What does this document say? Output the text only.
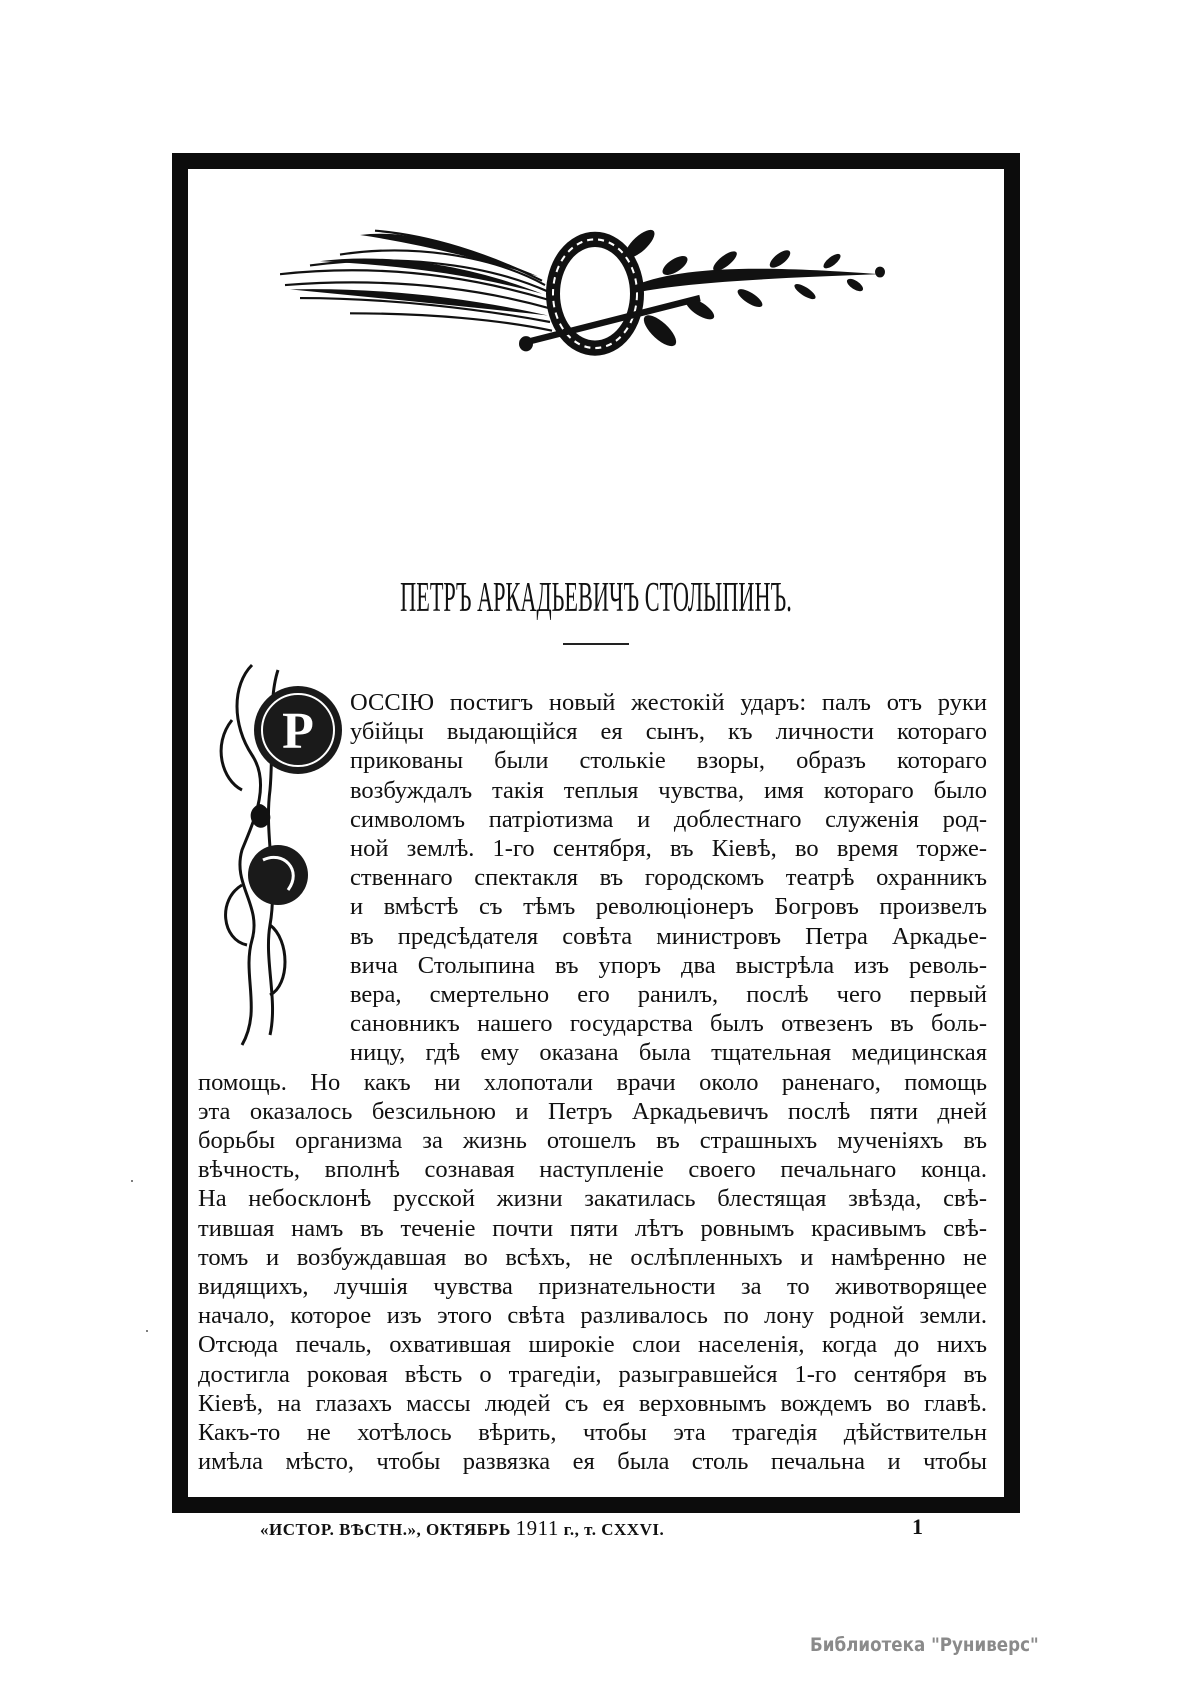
ПЕТРЪ АРКАДЬЕВИЧЪ СТОЛЫПИНЪ.
Р
ОССІЮ постигъ новый жестокій ударъ: палъ отъ руки
убійцы выдающійся ея сынъ, къ личности котораго
прикованы были столькіе взоры, образъ котораго
возбуждалъ такія теплыя чувства, имя котораго было
символомъ патріотизма и доблестнаго служенія род-
ной землѣ. 1-го сентября, въ Кіевѣ, во время торже-
ственнаго спектакля въ городскомъ театрѣ охранникъ
и вмѣстѣ съ тѣмъ революціонеръ Богровъ произвелъ
въ предсѣдателя совѣта министровъ Петра Аркадье-
вича Столыпина въ упоръ два выстрѣла изъ револь-
вера, смертельно его ранилъ, послѣ чего первый
сановникъ нашего государства былъ отвезенъ въ боль-
ницу, гдѣ ему оказана была тщательная медицинская
помощь. Но какъ ни хлопотали врачи около раненаго, помощь
эта оказалось безсильною и Петръ Аркадьевичъ послѣ пяти дней
борьбы организма за жизнь отошелъ въ страшныхъ мученіяхъ въ
вѣчность, вполнѣ сознавая наступленіе своего печальнаго конца.
На небосклонѣ русской жизни закатилась блестящая звѣзда, свѣ-
тившая намъ въ теченіе почти пяти лѣтъ ровнымъ красивымъ свѣ-
томъ и возбуждавшая во всѣхъ, не ослѣпленныхъ и намѣренно не
видящихъ, лучшія чувства признательности за то животворящее
начало, которое изъ этого свѣта разливалось по лону родной земли.
Отсюда печаль, охватившая широкіе слои населенія, когда до нихъ
достигла роковая вѣсть о трагедіи, разыгравшейся 1-го сентября въ
Кіевѣ, на глазахъ массы людей съ ея верховнымъ вождемъ во главѣ.
Какъ-то не хотѣлось вѣрить, чтобы эта трагедія дѣйствительн
имѣла мѣсто, чтобы развязка ея была столь печальна и чтобы
«ИСТОР. ВѢСТН.», ОКТЯБРЬ 1911 г., т. CXXVI.	1
Библиотека "Руниверс"
